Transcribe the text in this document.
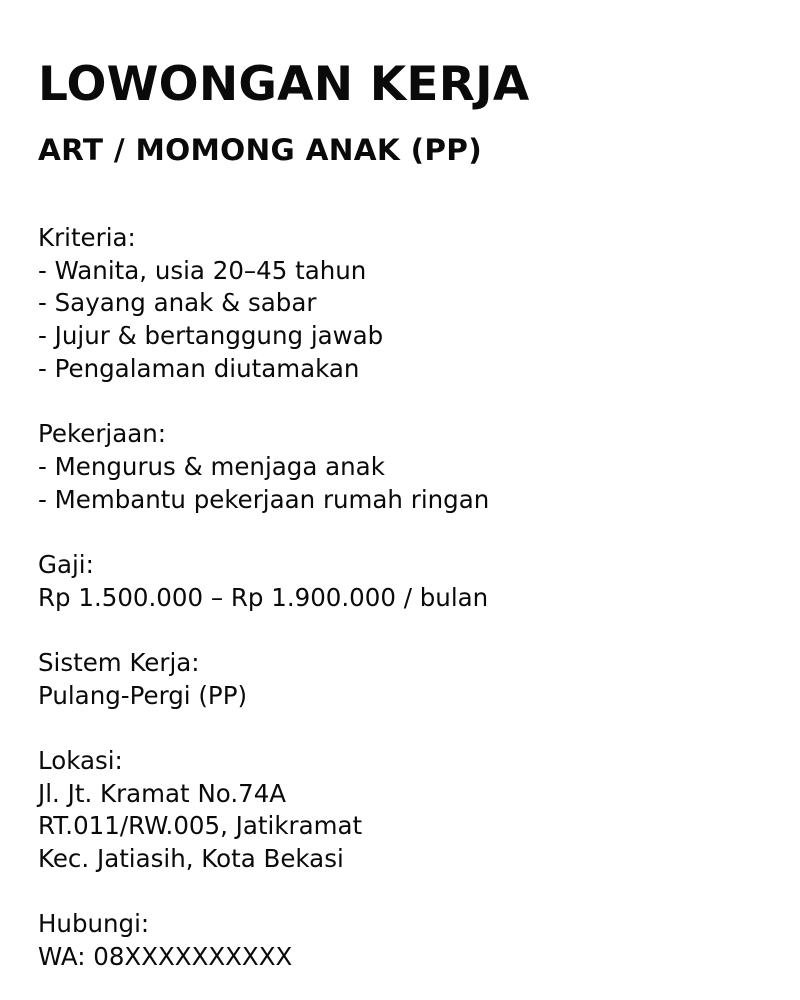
LOWONGAN KERJA
ART / MOMONG ANAK (PP)
Kriteria:
- Wanita, usia 20–45 tahun
- Sayang anak & sabar
- Jujur & bertanggung jawab
- Pengalaman diutamakan
Pekerjaan:
- Mengurus & menjaga anak
- Membantu pekerjaan rumah ringan
Gaji:
Rp 1.500.000 – Rp 1.900.000 / bulan
Sistem Kerja:
Pulang-Pergi (PP)
Lokasi:
Jl. Jt. Kramat No.74A
RT.011/RW.005, Jatikramat
Kec. Jatiasih, Kota Bekasi
Hubungi:
WA: 08XXXXXXXXXX
